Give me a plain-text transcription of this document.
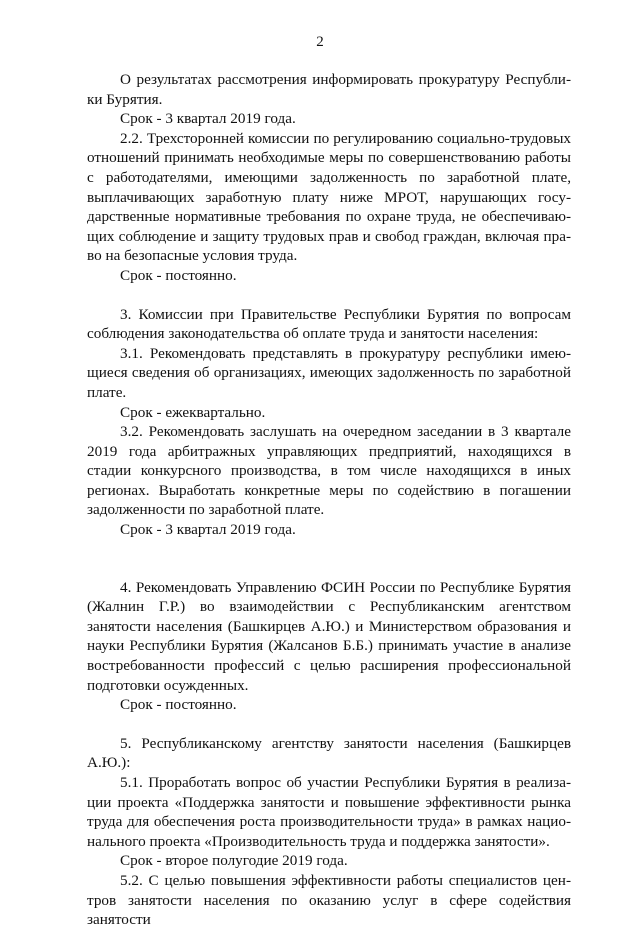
2

О результатах рассмотрения информировать прокуратуру Республики Бурятия.

Срок - 3 квартал 2019 года.

2.2. Трехсторонней комиссии по регулированию социально-трудовых отношений принимать необходимые меры по совершенствованию работы с работодателями, имеющими задолженность по заработной плате, выплачивающих заработную плату ниже МРОТ, нарушающих государственные нормативные требования по охране труда, не обеспечивающих соблюдение и защиту трудовых прав и свобод граждан, включая право на безопасные условия труда.

Срок - постоянно.

3. Комиссии при Правительстве Республики Бурятия по вопросам соблюдения законодательства об оплате труда и занятости населения:

3.1. Рекомендовать представлять в прокуратуру республики имеющиеся сведения об организациях, имеющих задолженность по заработной плате.

Срок - ежеквартально.

3.2. Рекомендовать заслушать на очередном заседании в 3 квартале 2019 года арбитражных управляющих предприятий, находящихся в стадии конкурсного производства, в том числе находящихся в иных регионах. Выработать конкретные меры по содействию в погашении задолженности по заработной плате.

Срок - 3 квартал 2019 года.

4. Рекомендовать Управлению ФСИН России по Республике Бурятия (Жалнин Г.Р.) во взаимодействии с Республиканским агентством занятости населения (Башкирцев А.Ю.) и Министерством образования и науки Республики Бурятия (Жалсанов Б.Б.) принимать участие в анализе востребованности профессий с целью расширения профессиональной подготовки осужденных.

Срок - постоянно.

5. Республиканскому агентству занятости населения (Башкирцев А.Ю.):

5.1. Проработать вопрос об участии Республики Бурятия в реализации проекта «Поддержка занятости и повышение эффективности рынка труда для обеспечения роста производительности труда» в рамках национального проекта «Производительность труда и поддержка занятости».

Срок - второе полугодие 2019 года.

5.2. С целью повышения эффективности работы специалистов центров занятости населения по оказанию услуг в сфере содействия занятости
